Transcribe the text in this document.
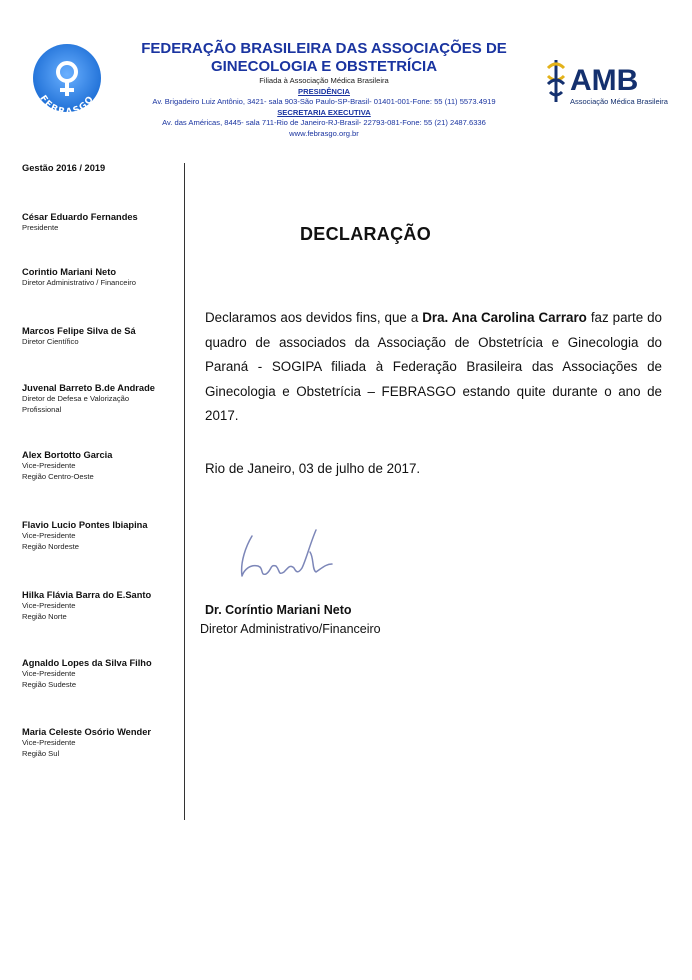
FEBRASGO
FEDERAÇÃO BRASILEIRA DAS ASSOCIAÇÕES DE
GINECOLOGIA E OBSTETRÍCIA
Filiada à Associação Médica Brasileira
PRESIDÊNCIA
Av. Brigadeiro Luiz Antônio, 3421- sala 903-São Paulo-SP-Brasil- 01401-001-Fone: 55 (11) 5573.4919
SECRETARIA EXECUTIVA
Av. das Américas, 8445- sala 711-Rio de Janeiro-RJ-Brasil- 22793-081-Fone: 55 (21) 2487.6336
www.febrasgo.org.br
AMB
Associação Médica Brasileira
Gestão 2016 / 2019
César Eduardo Fernandes
Presidente
Corintio Mariani Neto
Diretor Administrativo / Financeiro
Marcos Felipe Silva de Sá
Diretor Científico
Juvenal Barreto B.de Andrade
Diretor de Defesa e Valorização
Profissional
Alex Bortotto Garcia
Vice-Presidente
Região Centro-Oeste
Flavio Lucio Pontes Ibiapina
Vice-Presidente
Região Nordeste
Hilka Flávia Barra do E.Santo
Vice-Presidente
Região Norte
Agnaldo Lopes da Silva Filho
Vice-Presidente
Região Sudeste
Maria Celeste Osório Wender
Vice-Presidente
Região Sul
DECLARAÇÃO
Declaramos aos devidos fins, que a Dra. Ana Carolina Carraro faz parte do quadro de associados da Associação de Obstetrícia e Ginecologia do Paraná - SOGIPA filiada à Federação Brasileira das Associações de Ginecologia e Obstetrícia – FEBRASGO estando quite durante o ano de 2017.
Rio de Janeiro, 03 de julho de 2017.
Dr. Coríntio Mariani Neto
Diretor Administrativo/Financeiro
